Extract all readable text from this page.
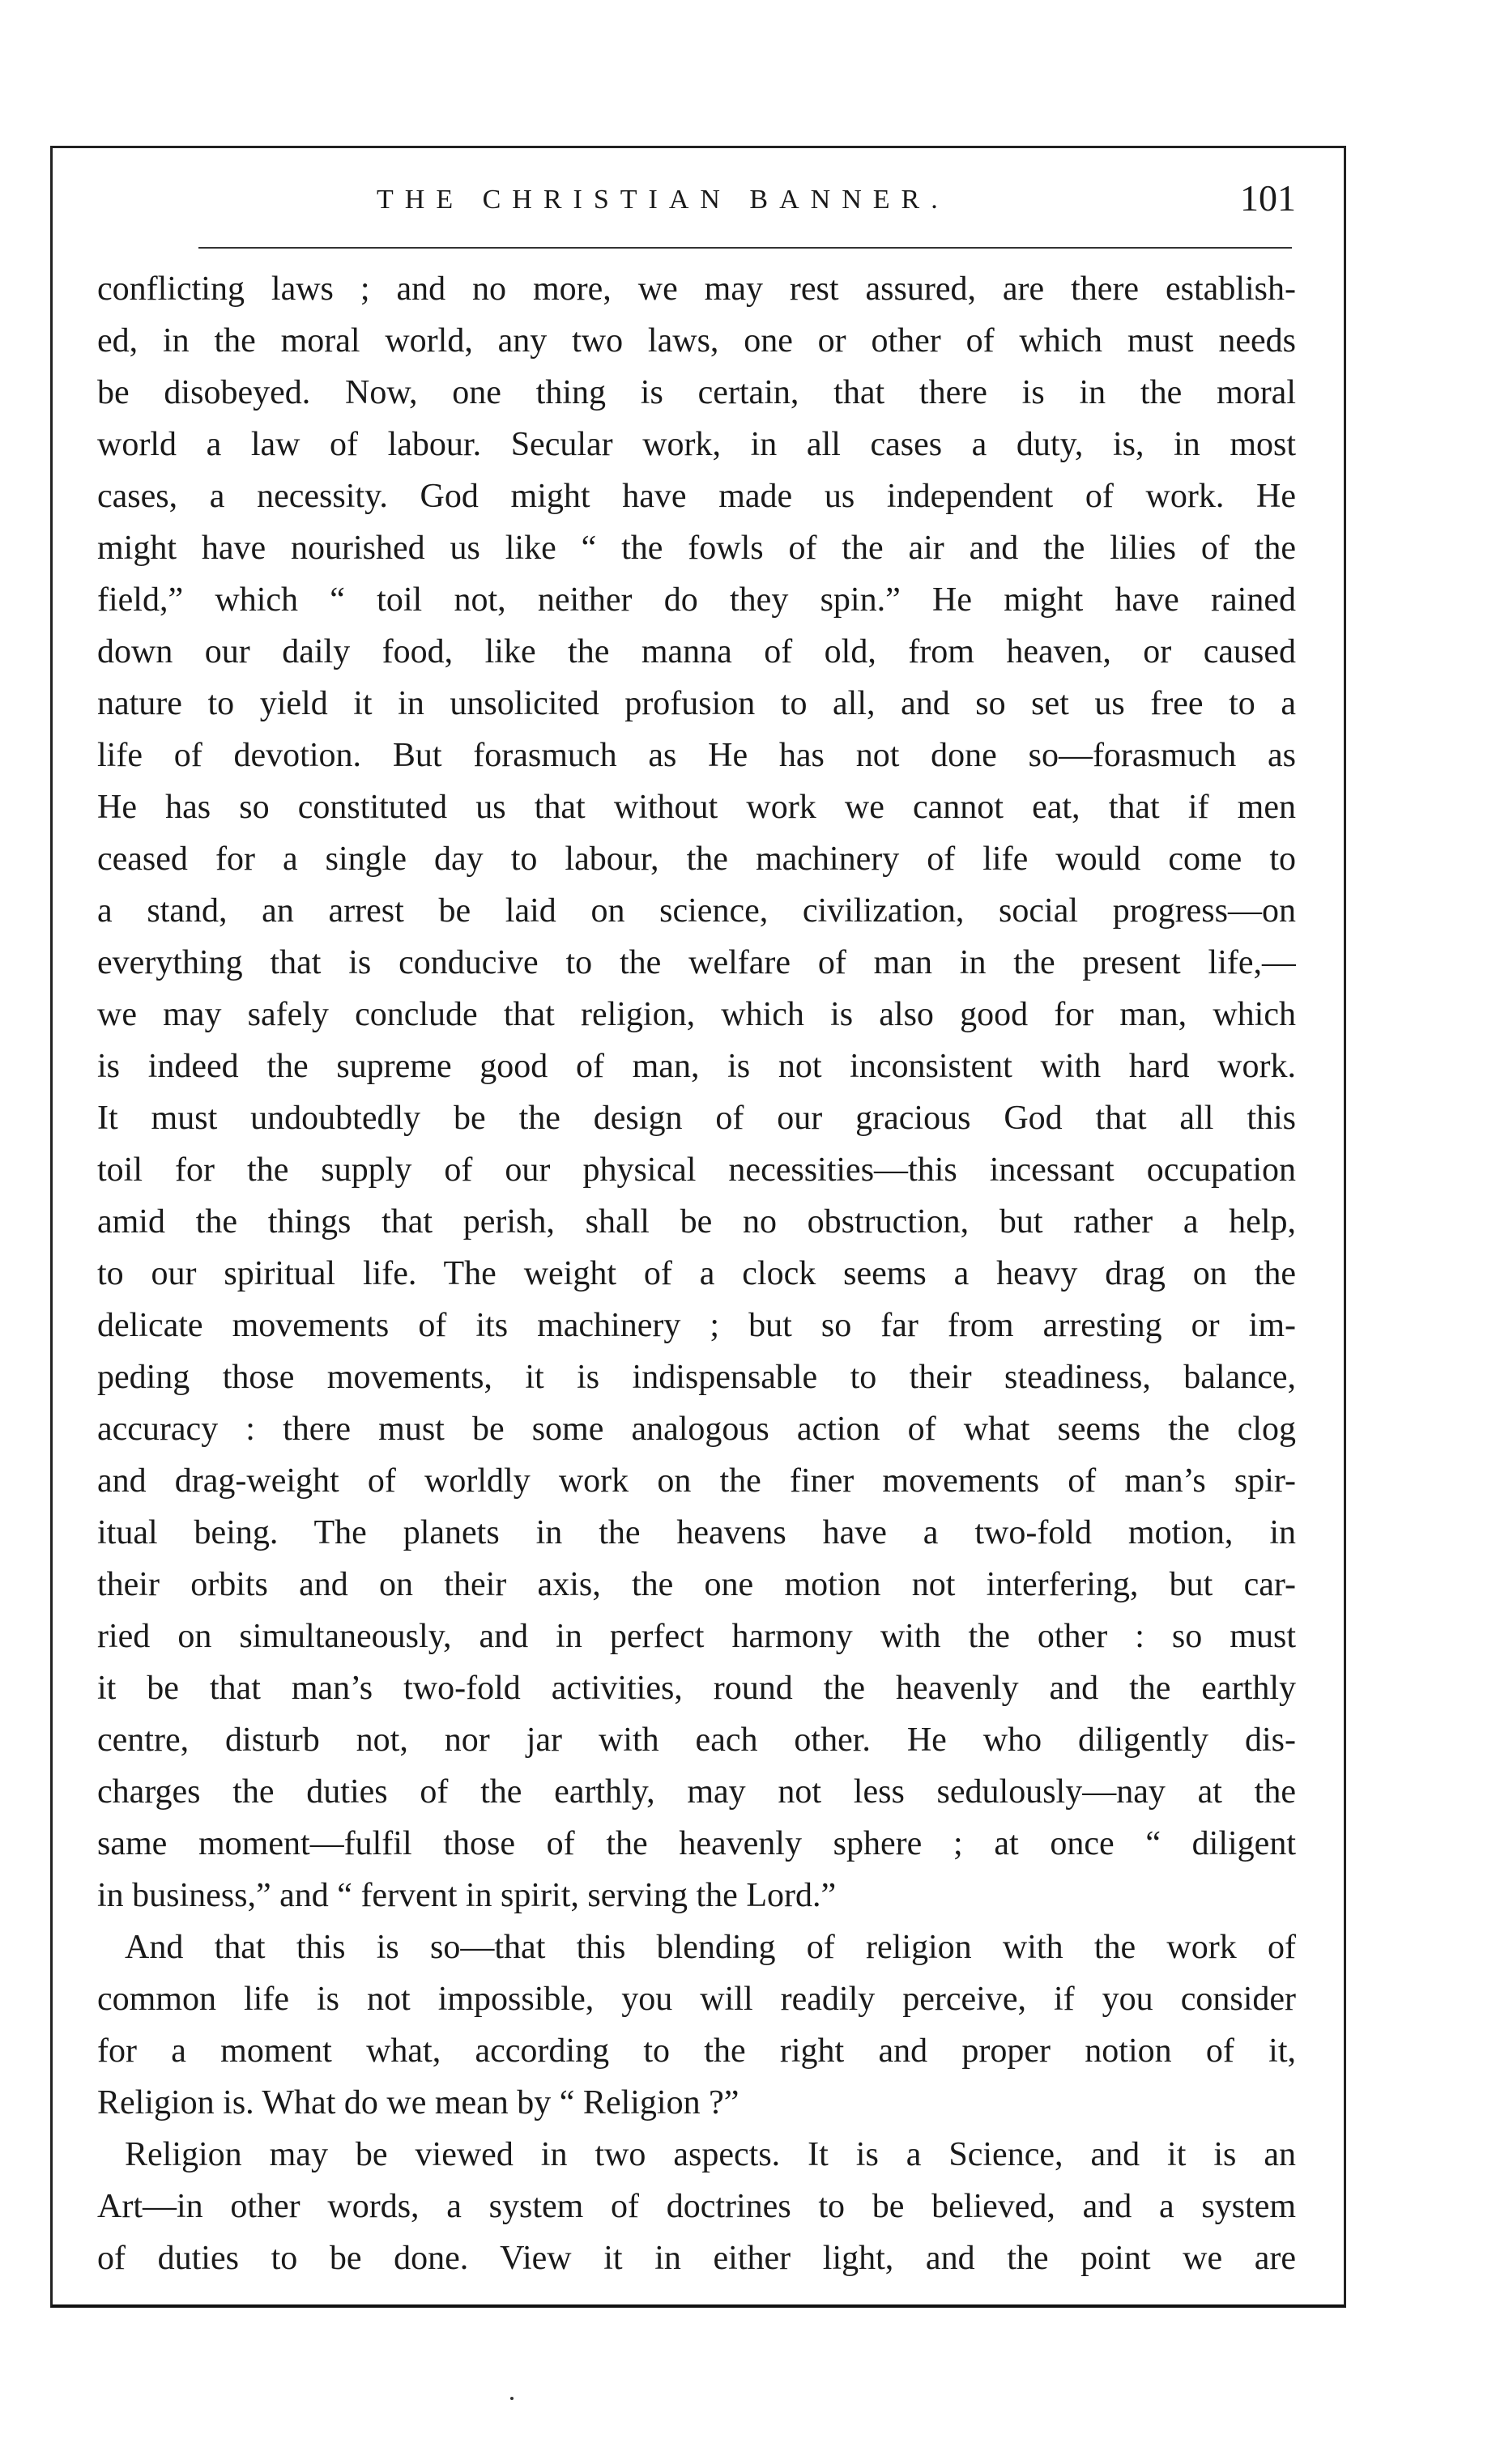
THE CHRISTIAN BANNER.	101
conflicting laws ; and no more, we may rest assured, are there establish-
ed, in the moral world, any two laws, one or other of which must needs
be disobeyed. Now, one thing is certain, that there is in the moral
world a law of labour. Secular work, in all cases a duty, is, in most
cases, a necessity. God might have made us independent of work. He
might have nourished us like “ the fowls of the air and the lilies of the
field,” which “ toil not, neither do they spin.” He might have rained
down our daily food, like the manna of old, from heaven, or caused
nature to yield it in unsolicited profusion to all, and so set us free to a
life of devotion. But forasmuch as He has not done so—forasmuch as
He has so constituted us that without work we cannot eat, that if men
ceased for a single day to labour, the machinery of life would come to
a stand, an arrest be laid on science, civilization, social progress—on
everything that is conducive to the welfare of man in the present life,—
we may safely conclude that religion, which is also good for man, which
is indeed the supreme good of man, is not inconsistent with hard work.
It must undoubtedly be the design of our gracious God that all this
toil for the supply of our physical necessities—this incessant occupation
amid the things that perish, shall be no obstruction, but rather a help,
to our spiritual life. The weight of a clock seems a heavy drag on the
delicate movements of its machinery ; but so far from arresting or im-
peding those movements, it is indispensable to their steadiness, balance,
accuracy : there must be some analogous action of what seems the clog
and drag-weight of worldly work on the finer movements of man’s spir-
itual being. The planets in the heavens have a two-fold motion, in
their orbits and on their axis, the one motion not interfering, but car-
ried on simultaneously, and in perfect harmony with the other : so must
it be that man’s two-fold activities, round the heavenly and the earthly
centre, disturb not, nor jar with each other. He who diligently dis-
charges the duties of the earthly, may not less sedulously—nay at the
same moment—fulfil those of the heavenly sphere ; at once “ diligent
in business,” and “ fervent in spirit, serving the Lord.”
And that this is so—that this blending of religion with the work of
common life is not impossible, you will readily perceive, if you consider
for a moment what, according to the right and proper notion of it,
Religion is. What do we mean by “ Religion ?”
Religion may be viewed in two aspects. It is a Science, and it is an
Art—in other words, a system of doctrines to be believed, and a system
of duties to be done. View it in either light, and the point we are
